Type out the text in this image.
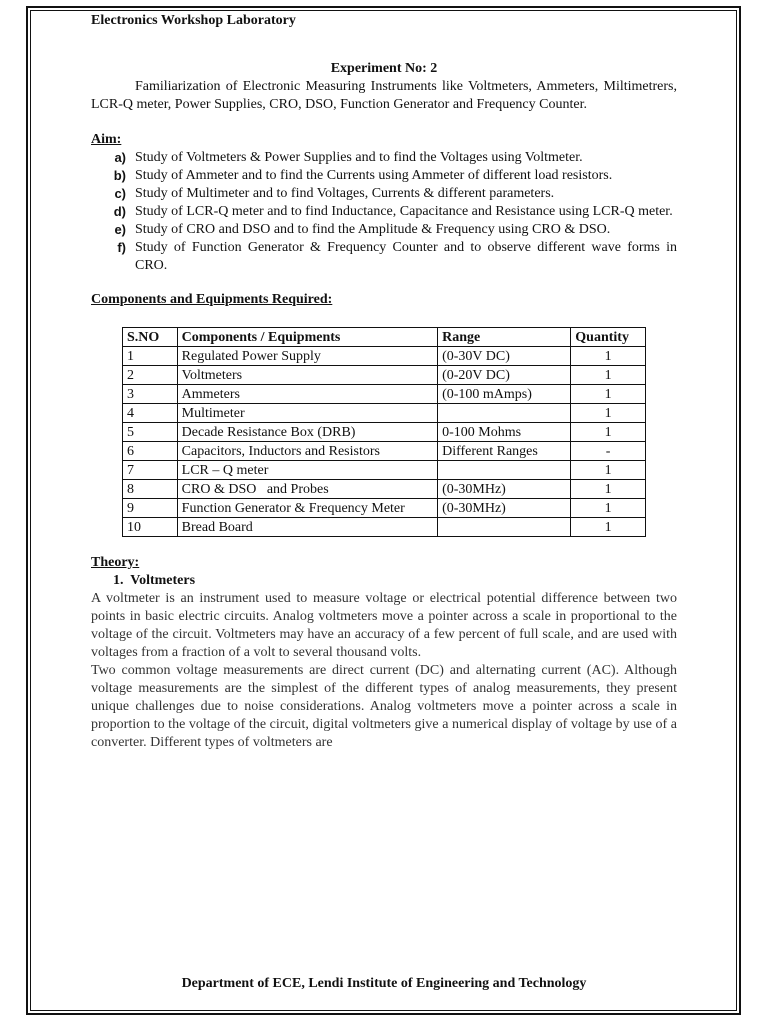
Electronics Workshop Laboratory

Experiment No: 2

Familiarization of Electronic Measuring Instruments like Voltmeters, Ammeters, Miltimetrers, LCR-Q meter, Power Supplies, CRO, DSO, Function Generator and Frequency Counter.

Aim:

a) Study of Voltmeters & Power Supplies and to find the Voltages using Voltmeter.
b) Study of Ammeter and to find the Currents using Ammeter of different load resistors.
c) Study of Multimeter and to find Voltages, Currents & different parameters.
d) Study of LCR-Q meter and to find Inductance, Capacitance and Resistance using LCR-Q meter.
e) Study of CRO and DSO and to find the Amplitude & Frequency using CRO & DSO.
f) Study of Function Generator & Frequency Counter and to observe different wave forms in CRO.

Components and Equipments Required:

S.NO	Components / Equipments	Range	Quantity
1	Regulated Power Supply	(0-30V DC)	1
2	Voltmeters	(0-20V DC)	1
3	Ammeters	(0-100 mAmps)	1
4	Multimeter		1
5	Decade Resistance Box (DRB)	0-100 Mohms	1
6	Capacitors, Inductors and Resistors	Different Ranges	-
7	LCR – Q meter		1
8	CRO & DSO   and Probes	(0-30MHz)	1
9	Function Generator & Frequency Meter	(0-30MHz)	1
10	Bread Board		1

Theory:

1.  Voltmeters

A voltmeter is an instrument used to measure voltage or electrical potential difference between two points in basic electric circuits. Analog voltmeters move a pointer across a scale in proportional to the voltage of the circuit. Voltmeters may have an accuracy of a few percent of full scale, and are used with voltages from a fraction of a volt to several thousand volts.

Two common voltage measurements are direct current (DC) and alternating current (AC). Although voltage measurements are the simplest of the different types of analog measurements, they present unique challenges due to noise considerations. Analog voltmeters move a pointer across a scale in proportion to the voltage of the circuit, digital voltmeters give a numerical display of voltage by use of a converter. Different types of voltmeters are

Department of ECE, Lendi Institute of Engineering and Technology
